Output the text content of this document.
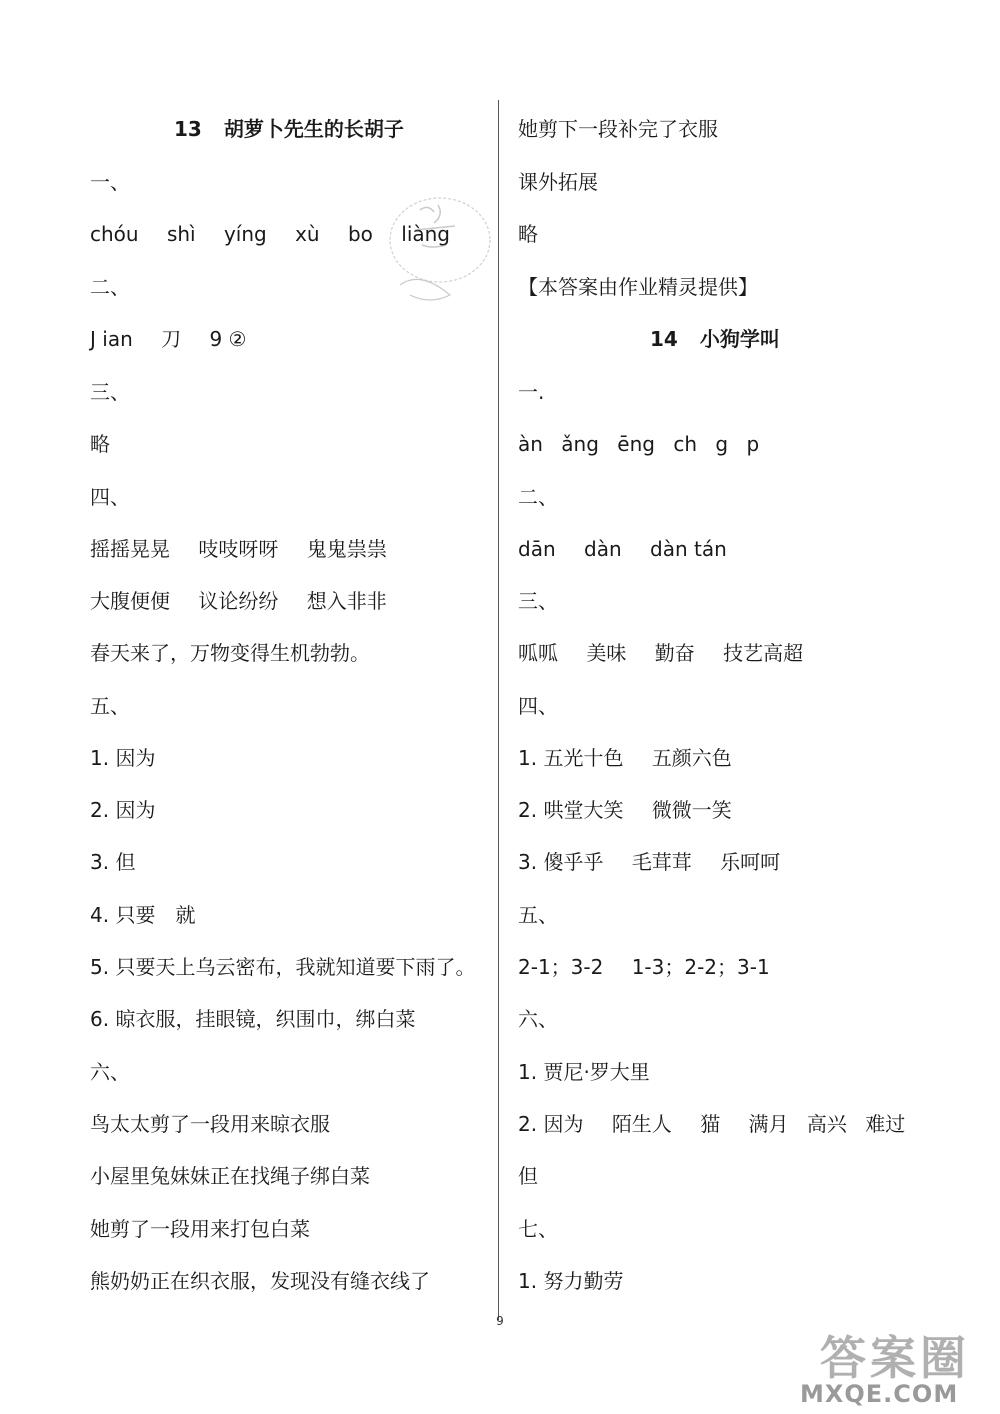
13 胡萝卜先生的长胡子
一、
chóu shì yíng xù bo liàng
二、
J ian 刀 9 ②
三、
略
四、
摇摇晃晃 吱吱呀呀 鬼鬼祟祟
大腹便便 议论纷纷 想入非非
春天来了，万物变得生机勃勃。
五、
1. 因为
2. 因为
3. 但
4. 只要　就
5. 只要天上乌云密布，我就知道要下雨了。
6. 晾衣服，挂眼镜，织围巾，绑白菜
六、
鸟太太剪了一段用来晾衣服
小屋里兔妹妹正在找绳子绑白菜
她剪了一段用来打包白菜
熊奶奶正在织衣服，发现没有缝衣线了
她剪下一段补完了衣服
课外拓展
略
【本答案由作业精灵提供】
14 小狗学叫
一.
àn ǎng ēng ch g p
二、
dān dàn dàn tán
三、
呱呱 美味 勤奋 技艺高超
四、
1. 五光十色 五颜六色
2. 哄堂大笑 微微一笑
3. 傻乎乎 毛茸茸 乐呵呵
五、
2-1；3-2 1-3；2-2；3-1
六、
1. 贾尼·罗大里
2. 因为 陌生人 猫 满月 高兴 难过
但
七、
1. 努力勤劳
9
答案圈
MXQE.COM
